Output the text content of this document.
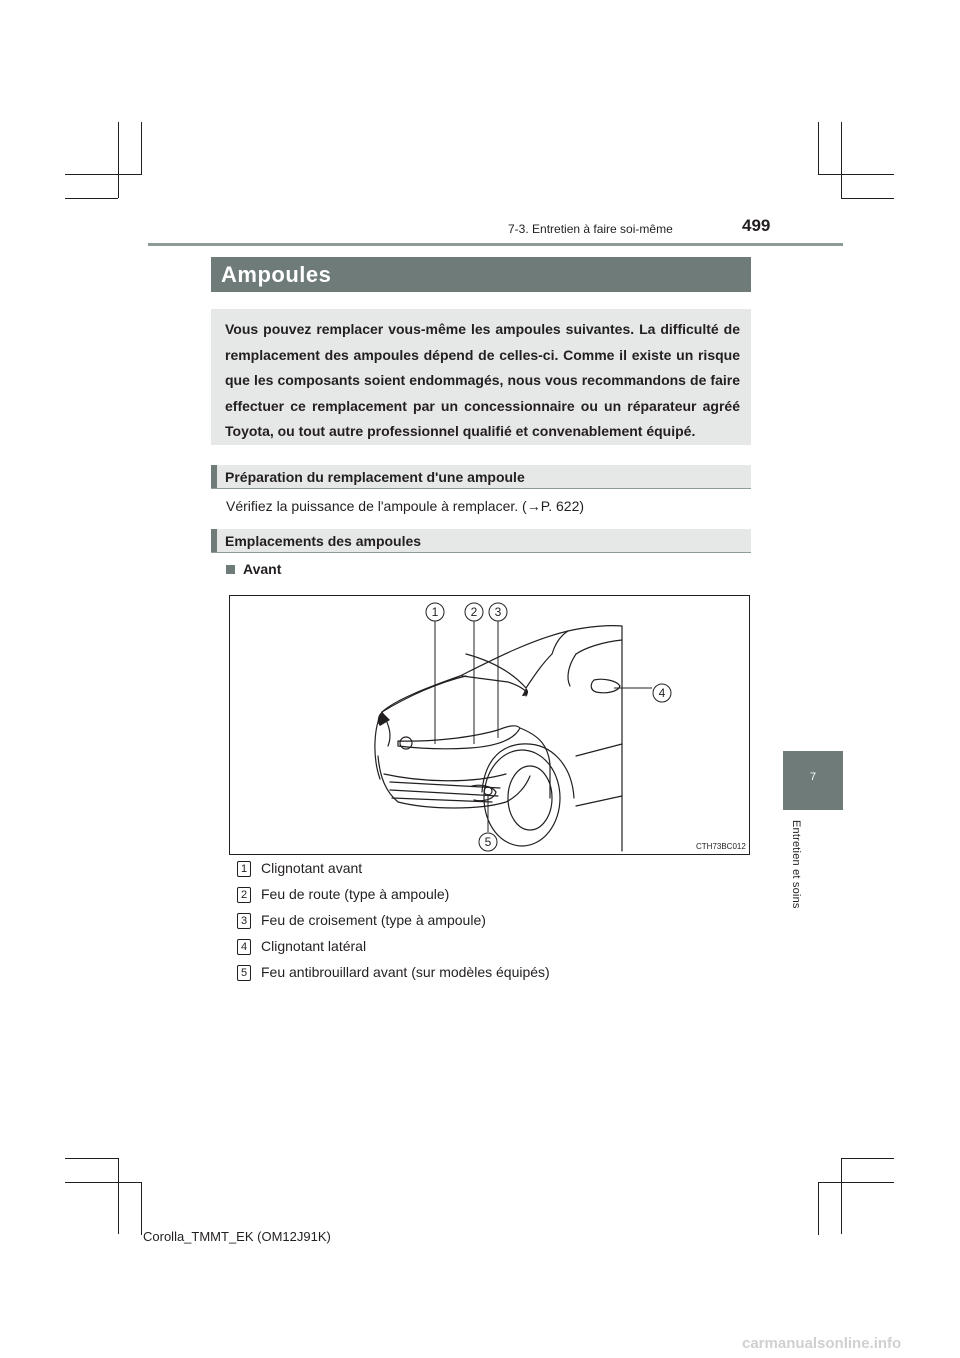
7-3. Entretien à faire soi-même	499
7
Entretien et soins
Ampoules

Vous pouvez remplacer vous-même les ampoules suivantes. La difficulté de remplacement des ampoules dépend de celles-ci. Comme il existe un risque que les composants soient endommagés, nous vous recommandons de faire effectuer ce remplacement par un concessionnaire ou un réparateur agréé Toyota, ou tout autre professionnel qualifié et convenablement équipé.

Préparation du remplacement d'une ampoule
Vérifiez la puissance de l'ampoule à remplacer. (→P. 622)
Emplacements des ampoules
Avant
1	2 3
4
5	CTH73BC012
1 Clignotant avant
2 Feu de route (type à ampoule)
3 Feu de croisement (type à ampoule)
4 Clignotant latéral
5 Feu antibrouillard avant (sur modèles équipés)
Corolla_TMMT_EK (OM12J91K)
carmanualsonline.info
